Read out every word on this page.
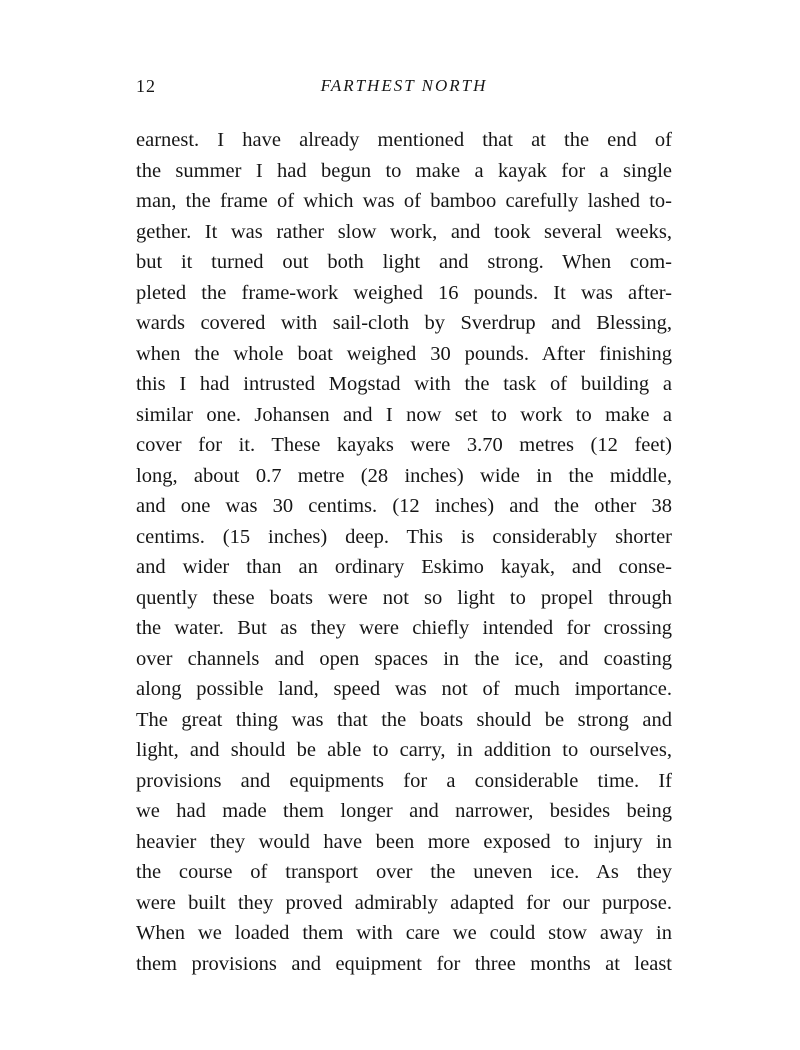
12	FARTHEST NORTH
earnest. I have already mentioned that at the end of
the summer I had begun to make a kayak for a single
man, the frame of which was of bamboo carefully lashed to-
gether. It was rather slow work, and took several weeks,
but it turned out both light and strong. When com-
pleted the frame-work weighed 16 pounds. It was after-
wards covered with sail-cloth by Sverdrup and Blessing,
when the whole boat weighed 30 pounds. After finishing
this I had intrusted Mogstad with the task of building a
similar one. Johansen and I now set to work to make a
cover for it. These kayaks were 3.70 metres (12 feet)
long, about 0.7 metre (28 inches) wide in the middle,
and one was 30 centims. (12 inches) and the other 38
centims. (15 inches) deep. This is considerably shorter
and wider than an ordinary Eskimo kayak, and conse-
quently these boats were not so light to propel through
the water. But as they were chiefly intended for crossing
over channels and open spaces in the ice, and coasting
along possible land, speed was not of much importance.
The great thing was that the boats should be strong and
light, and should be able to carry, in addition to ourselves,
provisions and equipments for a considerable time. If
we had made them longer and narrower, besides being
heavier they would have been more exposed to injury in
the course of transport over the uneven ice. As they
were built they proved admirably adapted for our purpose.
When we loaded them with care we could stow away in
them provisions and equipment for three months at least
